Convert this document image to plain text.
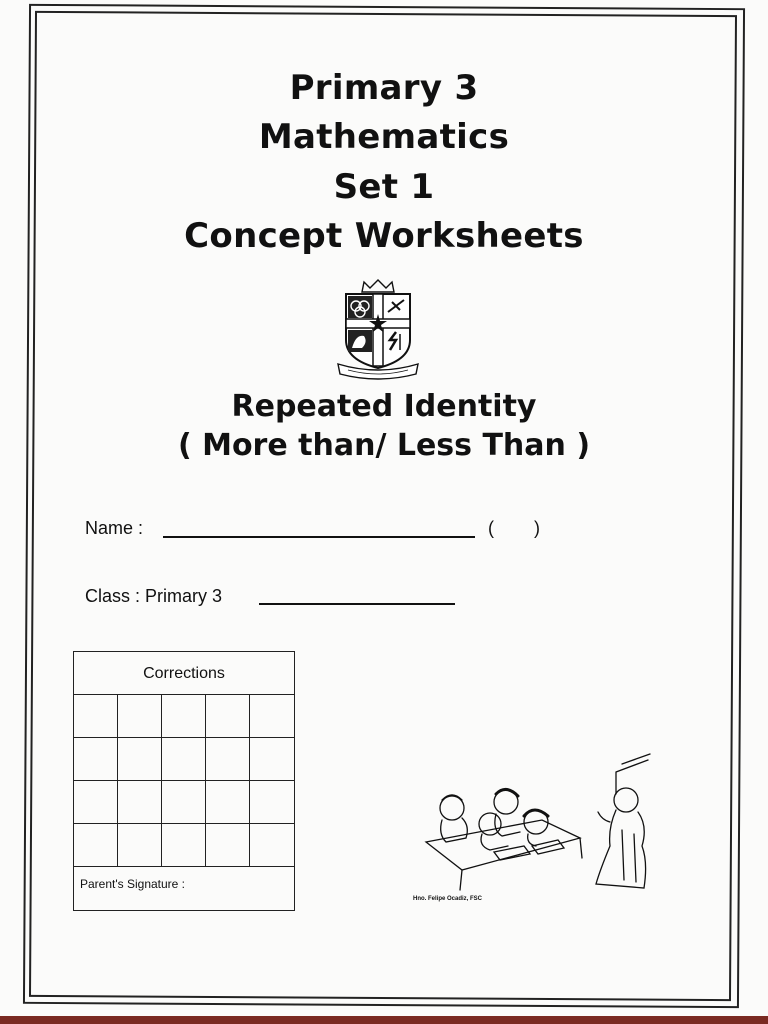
Primary 3
Mathematics
Set 1
Concept Worksheets
Repeated Identity
( More than/ Less Than )
Name :	(        )
Class : Primary 3
Corrections
Parent's Signature :
Hno. Felipe Ocadiz, FSC
